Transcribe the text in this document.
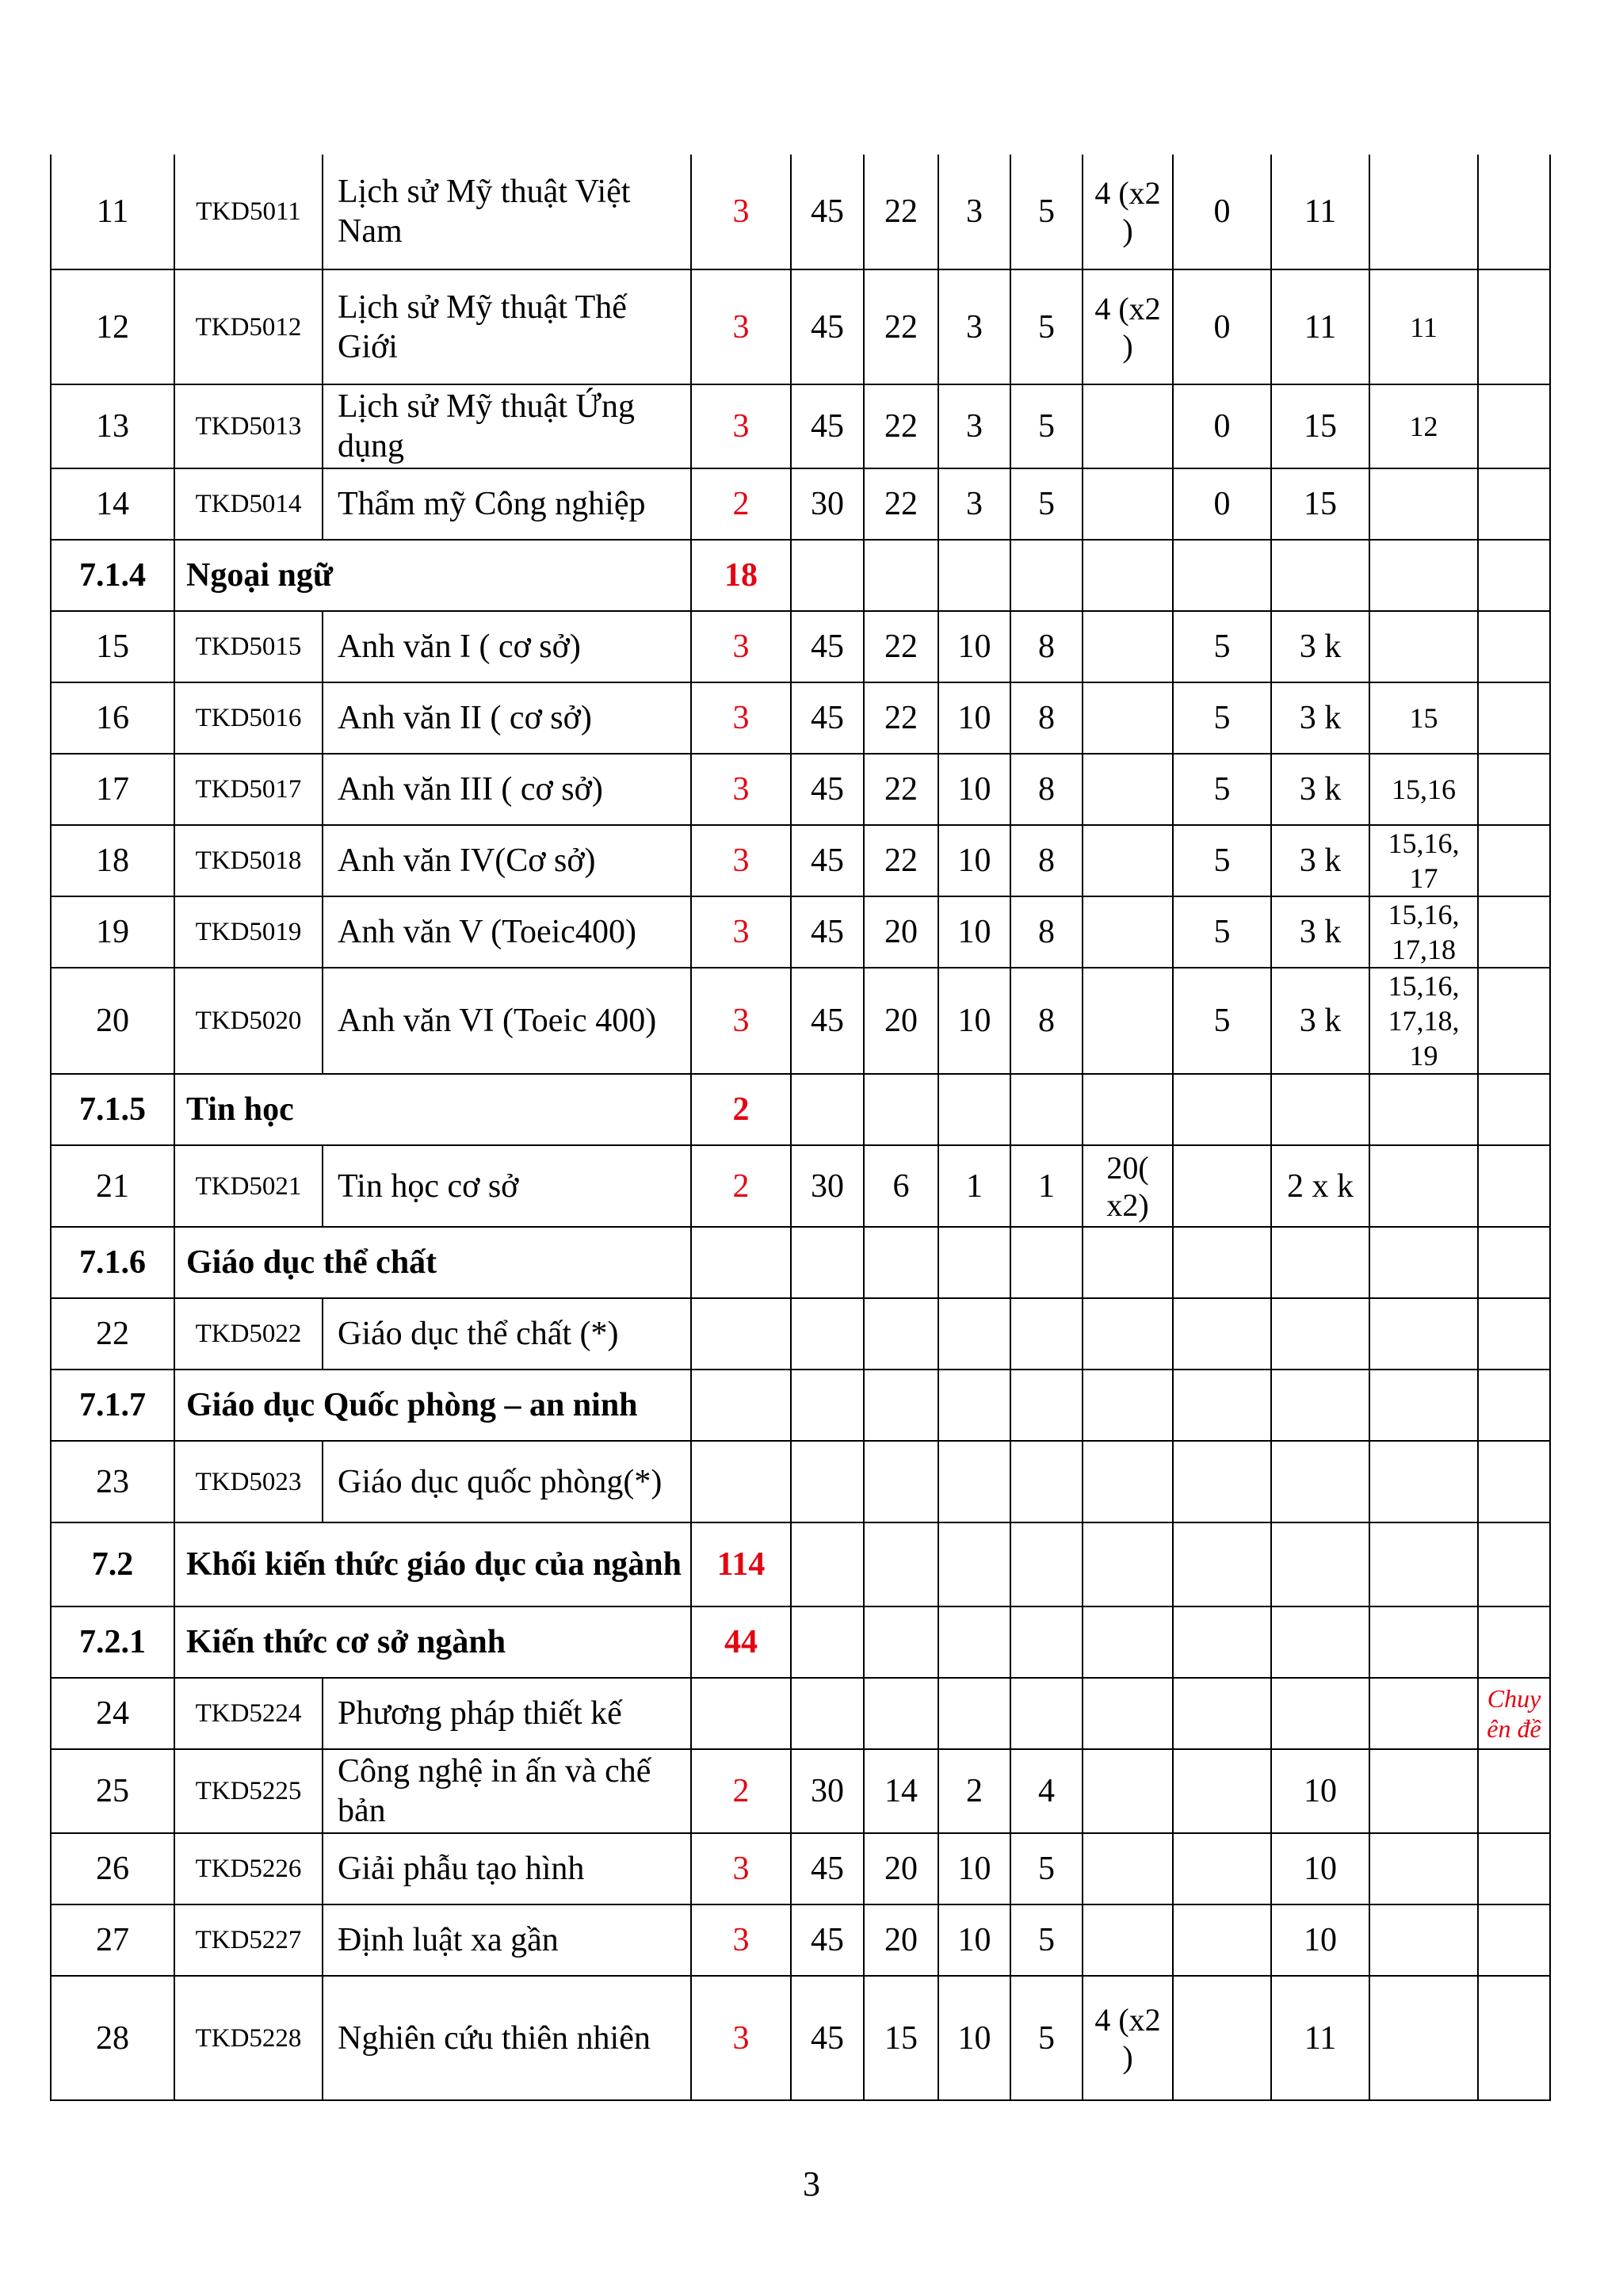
11	TKD5011	Lịch sử Mỹ thuật Việt Nam	3	45	22	3	5	4 (x2 )	0	11		
12	TKD5012	Lịch sử Mỹ thuật Thế Giới	3	45	22	3	5	4 (x2 )	0	11	11	
13	TKD5013	Lịch sử Mỹ thuật Ứng dụng	3	45	22	3	5		0	15	12	
14	TKD5014	Thẩm mỹ Công nghiệp	2	30	22	3	5		0	15		
7.1.4	Ngoại ngữ		18									
15	TKD5015	Anh văn I ( cơ sở)	3	45	22	10	8		5	3 k		
16	TKD5016	Anh văn II ( cơ sở)	3	45	22	10	8		5	3 k	15	
17	TKD5017	Anh văn III ( cơ sở)	3	45	22	10	8		5	3 k	15,16	
18	TKD5018	Anh văn IV(Cơ sở)	3	45	22	10	8		5	3 k	15,16, 17	
19	TKD5019	Anh văn V (Toeic400)	3	45	20	10	8		5	3 k	15,16, 17,18	
20	TKD5020	Anh văn VI (Toeic 400)	3	45	20	10	8		5	3 k	15,16, 17,18, 19	
7.1.5	Tin học		2									
21	TKD5021	Tin học cơ sở	2	30	6	1	1	20( x2)		2 x k		
7.1.6	Giáo dục thể chất											
22	TKD5022	Giáo dục thể chất (*)										
7.1.7	Giáo dục Quốc phòng – an ninh											
23	TKD5023	Giáo dục quốc phòng(*)										
7.2	Khối kiến thức giáo dục của ngành		114									
7.2.1	Kiến thức cơ sở ngành		44									
24	TKD5224	Phương pháp thiết kế										Chuy ên đề
25	TKD5225	Công nghệ in ấn và chế bản	2	30	14	2	4			10		
26	TKD5226	Giải phẫu tạo hình	3	45	20	10	5			10		
27	TKD5227	Định luật xa gần	3	45	20	10	5			10		
28	TKD5228	Nghiên cứu thiên nhiên	3	45	15	10	5	4 (x2 )		11		
3
